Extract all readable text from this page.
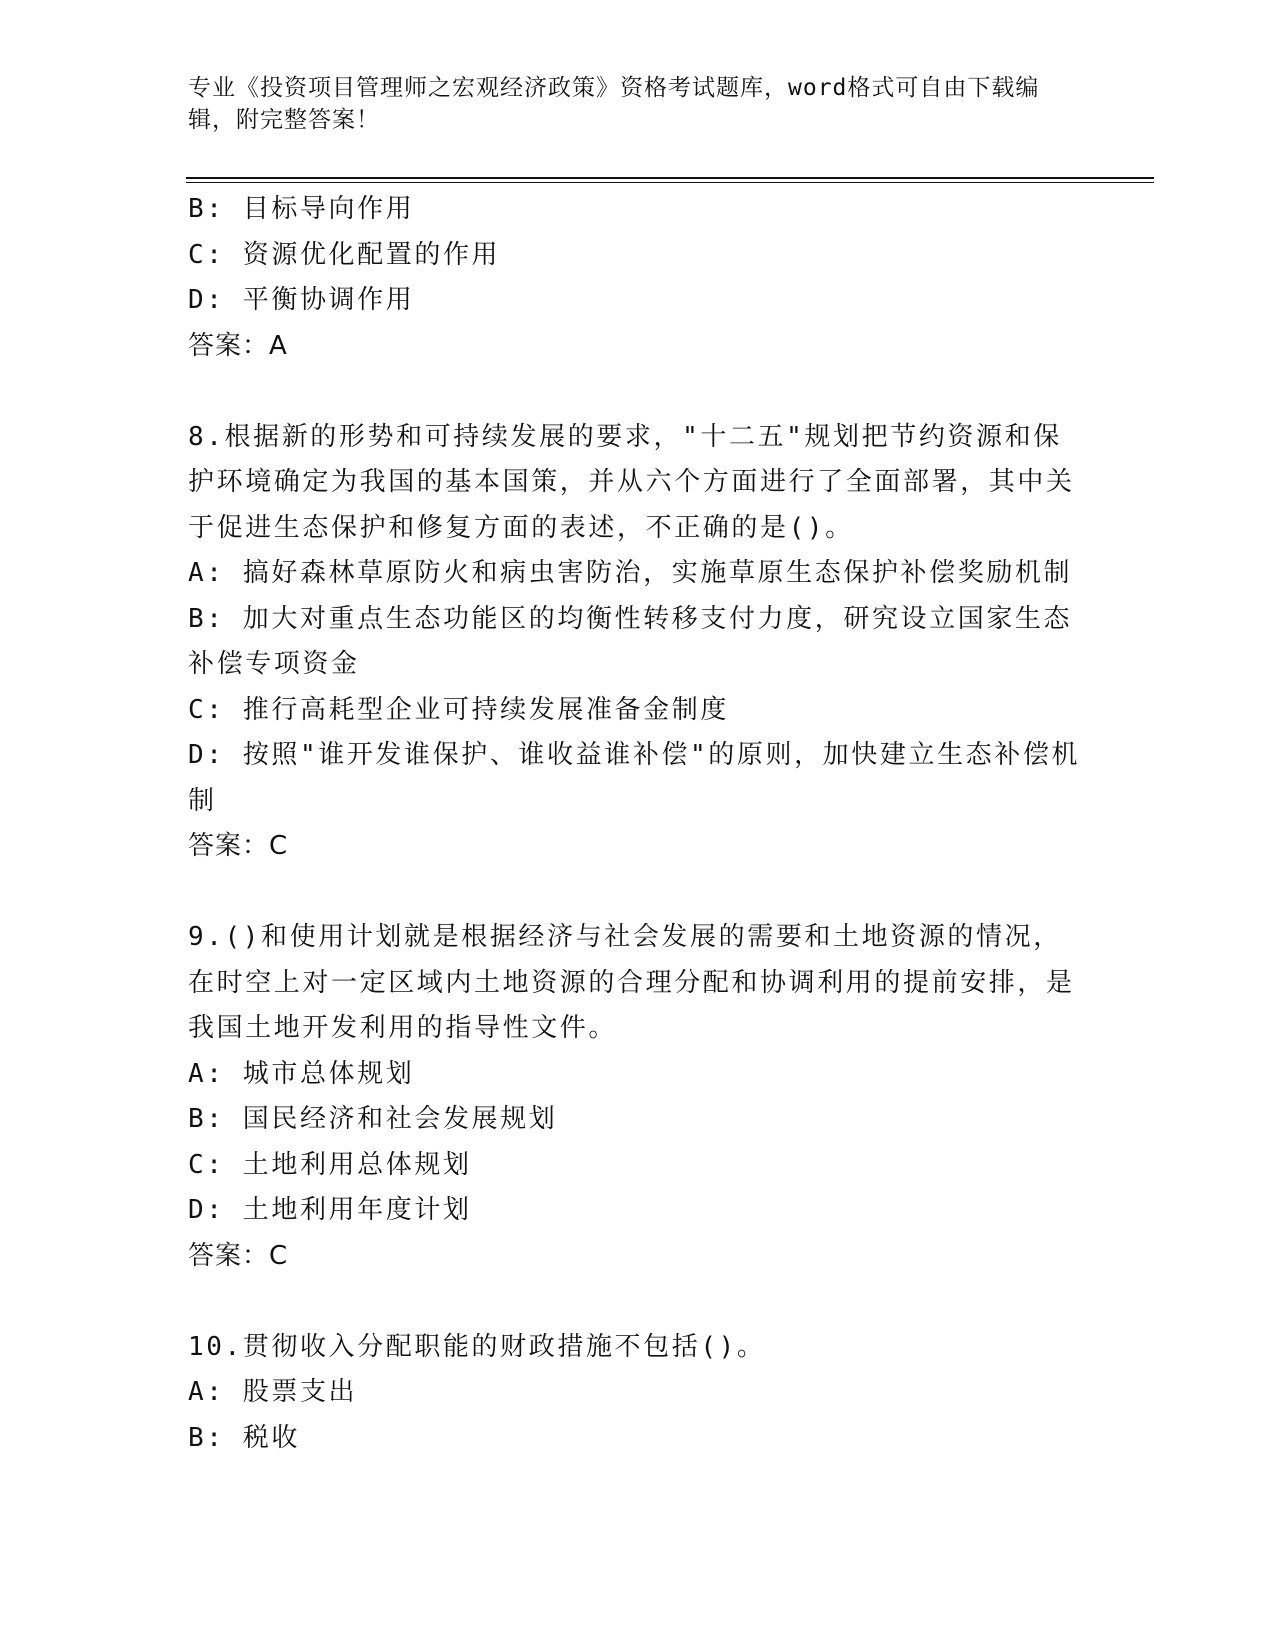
专业《投资项目管理师之宏观经济政策》资格考试题库，word格式可自由下载编辑，附完整答案！
B: 目标导向作用
C: 资源优化配置的作用
D: 平衡协调作用
答案：A
8.根据新的形势和可持续发展的要求，"十二五"规划把节约资源和保护环境确定为我国的基本国策，并从六个方面进行了全面部署，其中关于促进生态保护和修复方面的表述，不正确的是()。
A: 搞好森林草原防火和病虫害防治，实施草原生态保护补偿奖励机制
B: 加大对重点生态功能区的均衡性转移支付力度，研究设立国家生态补偿专项资金
C: 推行高耗型企业可持续发展准备金制度
D: 按照"谁开发谁保护、谁收益谁补偿"的原则，加快建立生态补偿机制
答案：C
9.()和使用计划就是根据经济与社会发展的需要和土地资源的情况，在时空上对一定区域内土地资源的合理分配和协调利用的提前安排，是我国土地开发利用的指导性文件。
A: 城市总体规划
B: 国民经济和社会发展规划
C: 土地利用总体规划
D: 土地利用年度计划
答案：C
10.贯彻收入分配职能的财政措施不包括()。
A: 股票支出
B: 税收
